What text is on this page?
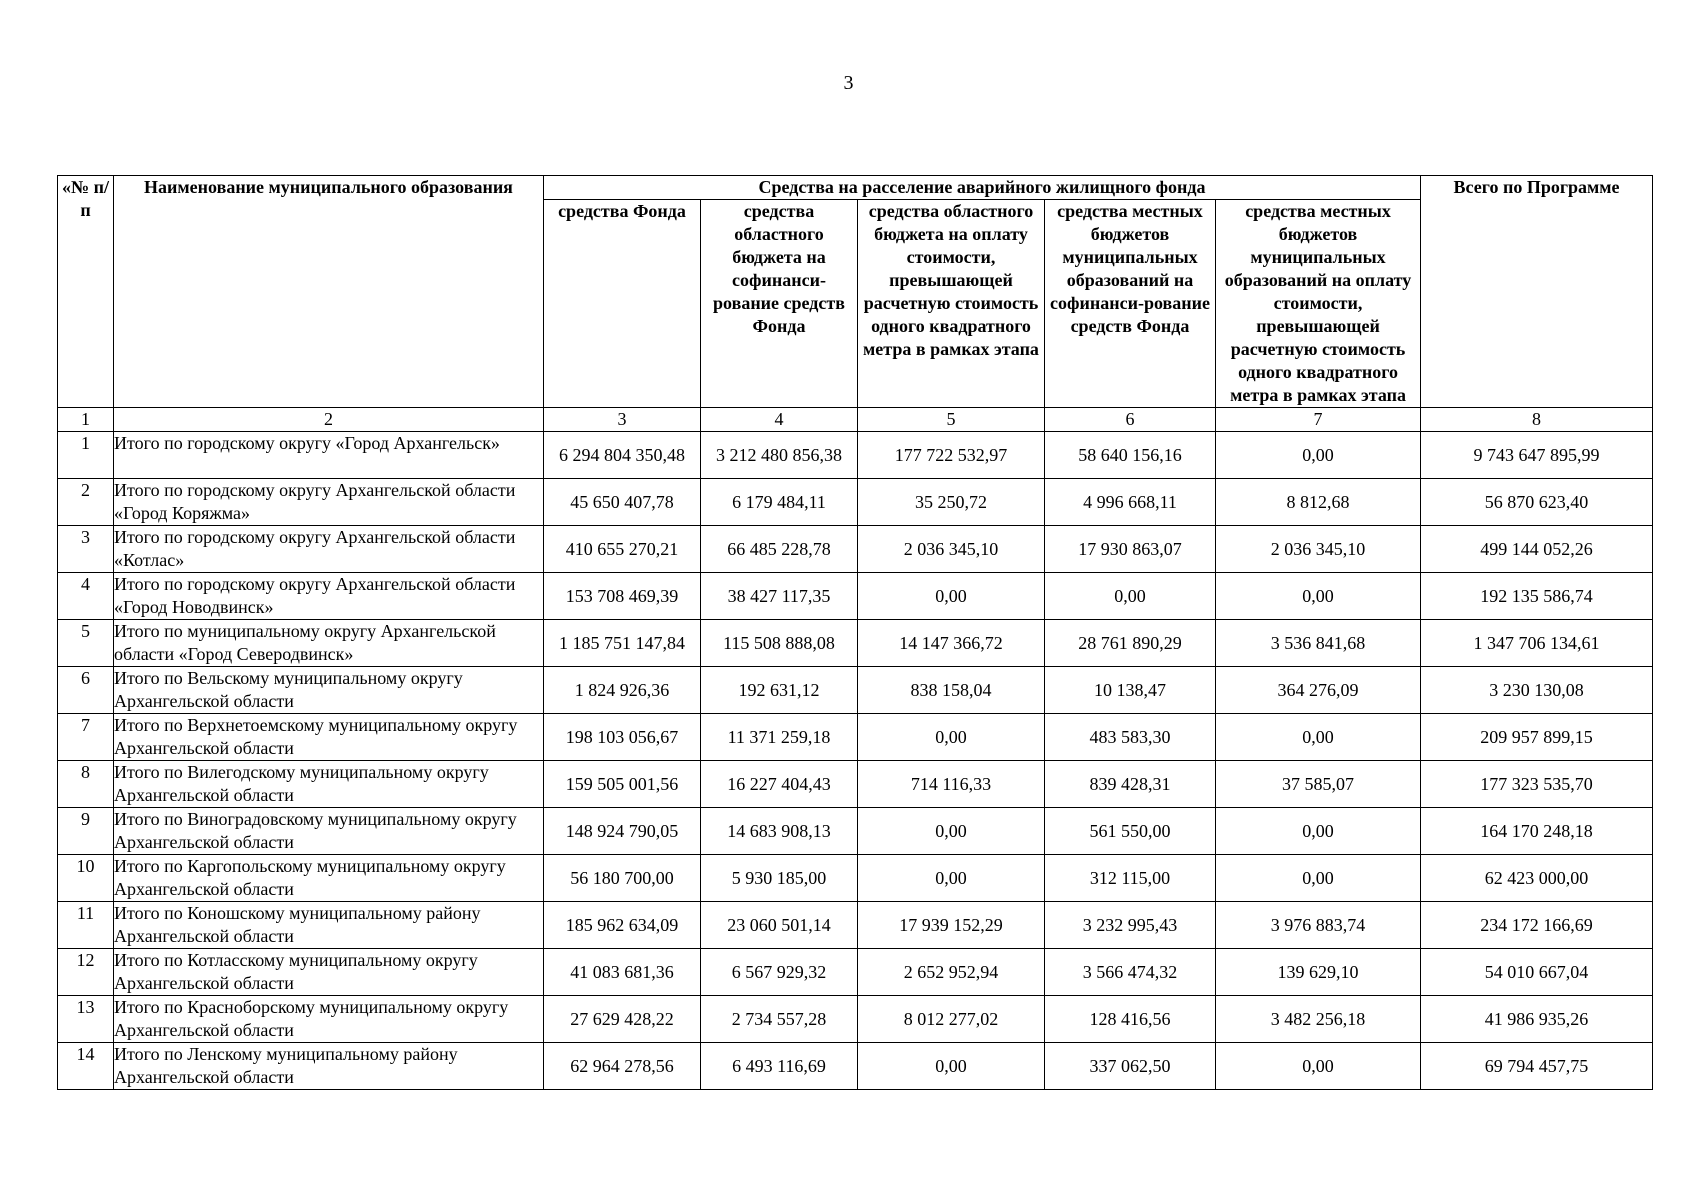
3
«№ п/п	Наименование муниципального образования	Средства на расселение аварийного жилищного фонда					Всего по Программе
		средства Фонда	средства областного бюджета на софинанси-рование средств Фонда	средства областного бюджета на оплату стоимости, превышающей расчетную стоимость одного квадратного метра в рамках этапа	средства местных бюджетов муниципальных образований на софинанси-рование средств Фонда	средства местных бюджетов муниципальных образований на оплату стоимости, превышающей расчетную стоимость одного квадратного метра в рамках этапа	
1	2	3	4	5	6	7	8
1	Итого по городскому округу «Город Архангельск»	6 294 804 350,48	3 212 480 856,38	177 722 532,97	58 640 156,16	0,00	9 743 647 895,99
2	Итого по городскому округу Архангельской области «Город Коряжма»	45 650 407,78	6 179 484,11	35 250,72	4 996 668,11	8 812,68	56 870 623,40
3	Итого по городскому округу Архангельской области «Котлас»	410 655 270,21	66 485 228,78	2 036 345,10	17 930 863,07	2 036 345,10	499 144 052,26
4	Итого по городскому округу Архангельской области «Город Новодвинск»	153 708 469,39	38 427 117,35	0,00	0,00	0,00	192 135 586,74
5	Итого по муниципальному округу Архангельской области «Город Северодвинск»	1 185 751 147,84	115 508 888,08	14 147 366,72	28 761 890,29	3 536 841,68	1 347 706 134,61
6	Итого по Вельскому муниципальному округу Архангельской области	1 824 926,36	192 631,12	838 158,04	10 138,47	364 276,09	3 230 130,08
7	Итого по Верхнетоемскому муниципальному округу Архангельской области	198 103 056,67	11 371 259,18	0,00	483 583,30	0,00	209 957 899,15
8	Итого по Вилегодскому муниципальному округу Архангельской области	159 505 001,56	16 227 404,43	714 116,33	839 428,31	37 585,07	177 323 535,70
9	Итого по Виноградовскому муниципальному округу Архангельской области	148 924 790,05	14 683 908,13	0,00	561 550,00	0,00	164 170 248,18
10	Итого по Каргопольскому муниципальному округу Архангельской области	56 180 700,00	5 930 185,00	0,00	312 115,00	0,00	62 423 000,00
11	Итого по Коношскому муниципальному району Архангельской области	185 962 634,09	23 060 501,14	17 939 152,29	3 232 995,43	3 976 883,74	234 172 166,69
12	Итого по Котласскому муниципальному округу Архангельской области	41 083 681,36	6 567 929,32	2 652 952,94	3 566 474,32	139 629,10	54 010 667,04
13	Итого по Красноборскому муниципальному округу Архангельской области	27 629 428,22	2 734 557,28	8 012 277,02	128 416,56	3 482 256,18	41 986 935,26
14	Итого по Ленскому муниципальному району Архангельской области	62 964 278,56	6 493 116,69	0,00	337 062,50	0,00	69 794 457,75
